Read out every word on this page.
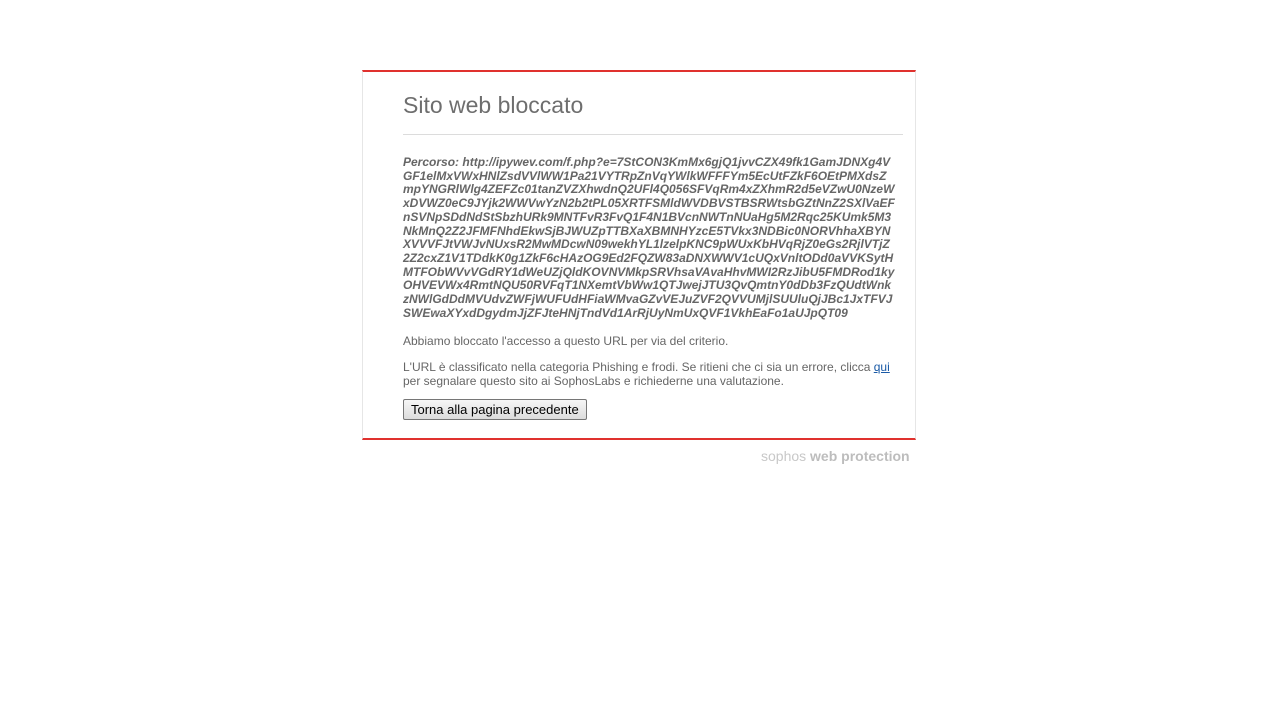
Sito web bloccato
Percorso: http://ipywev.com/f.php?e=7StCON3KmMx6gjQ1jvvCZX49fk1GamJDNXg4VGF1elMxVWxHNlZsdVVlWW1Pa21VYTRpZnVqYWlkWFFFYm5EcUtFZkF6OEtPMXdsZmpYNGRlWlg4ZEFZc01tanZVZXhwdnQ2UFl4Q056SFVqRm4xZXhmR2d5eVZwU0NzeWxDVWZ0eC9JYjk2WWVwYzN2b2tPL05XRTFSMldWVDBVSTBSRWtsbGZtNnZ2SXlVaEFnSVNpSDdNdStSbzhURk9MNTFvR3FvQ1F4N1BVcnNWTnNUaHg5M2Rqc25KUmk5M3NkMnQ2Z2JFMFNhdEkwSjBJWUZpTTBXaXBMNHYzcE5TVkx3NDBic0NORVhhaXBYNXVVVFJtVWJvNUxsR2MwMDcwN09wekhYL1lzelpKNC9pWUxKbHVqRjZ0eGs2RjlVTjZ2Z2cxZ1V1TDdkK0g1ZkF6cHAzOG9Ed2FQZW83aDNXWWV1cUQxVnltODd0aVVKSytHMTFObWVvVGdRY1dWeUZjQldKOVNVMkpSRVhsaVAvaHhvMWI2RzJibU5FMDRod1kyOHVEVWx4RmtNQU50RVFqT1NXemtVbWw1QTJwejJTU3QvQmtnY0dDb3FzQUdtWnkzNWlGdDdMVUdvZWFjWUFUdHFiaWMvaGZvVEJuZVF2QVVUMjlSUUluQjJBc1JxTFVJSWEwaXYxdDgydmJjZFJteHNjTndVd1ArRjUyNmUxQVF1VkhEaFo1aUJpQT09
Abbiamo bloccato l'accesso a questo URL per via del criterio.
L'URL è classificato nella categoria Phishing e frodi. Se ritieni che ci sia un errore, clicca qui per segnalare questo sito ai SophosLabs e richiederne una valutazione.
Torna alla pagina precedente
sophos web protection
